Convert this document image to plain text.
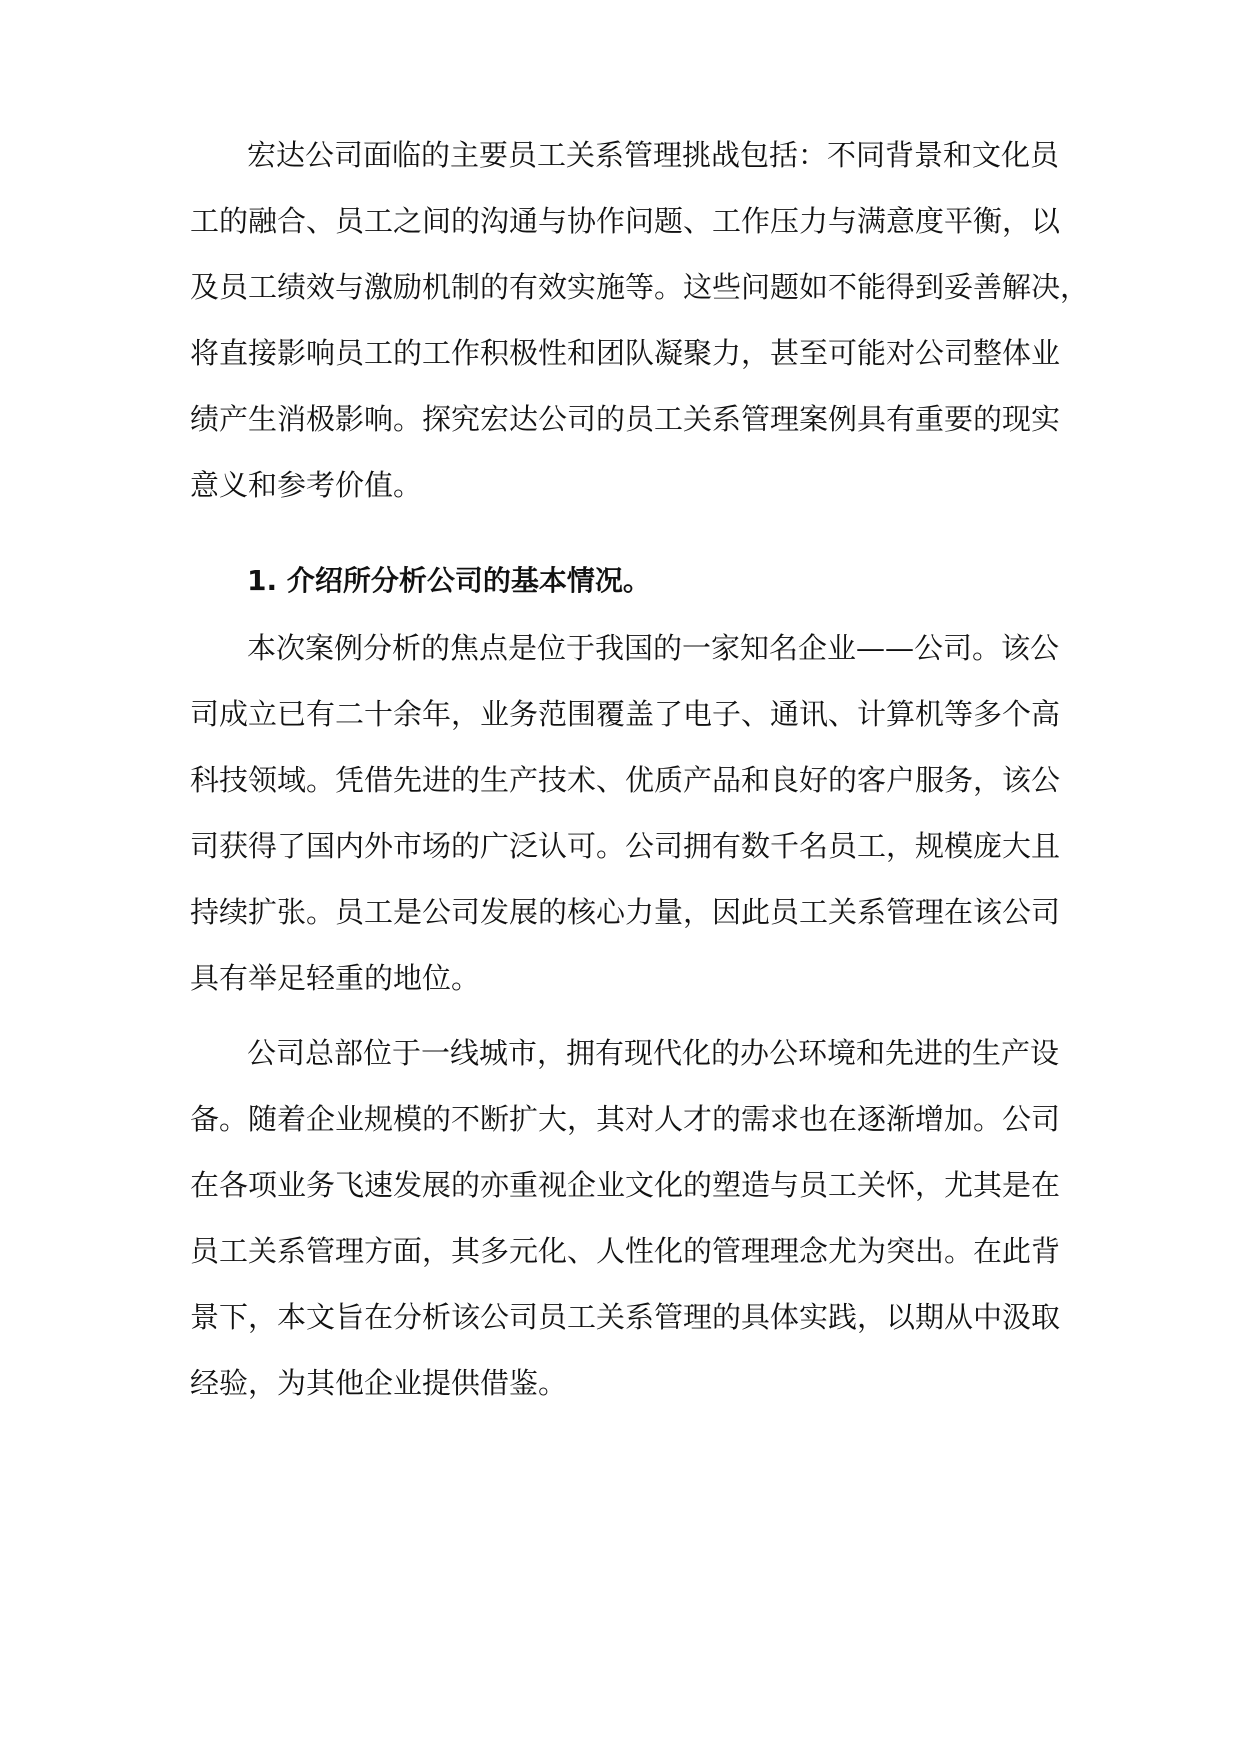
宏达公司面临的主要员工关系管理挑战包括：不同背景和文化员
工的融合、员工之间的沟通与协作问题、工作压力与满意度平衡，以
及员工绩效与激励机制的有效实施等。这些问题如不能得到妥善解决，
将直接影响员工的工作积极性和团队凝聚力，甚至可能对公司整体业
绩产生消极影响。探究宏达公司的员工关系管理案例具有重要的现实
意义和参考价值。
1. 介绍所分析公司的基本情况。
本次案例分析的焦点是位于我国的一家知名企业——公司。该公
司成立已有二十余年，业务范围覆盖了电子、通讯、计算机等多个高
科技领域。凭借先进的生产技术、优质产品和良好的客户服务，该公
司获得了国内外市场的广泛认可。公司拥有数千名员工，规模庞大且
持续扩张。员工是公司发展的核心力量，因此员工关系管理在该公司
具有举足轻重的地位。
公司总部位于一线城市，拥有现代化的办公环境和先进的生产设
备。随着企业规模的不断扩大，其对人才的需求也在逐渐增加。公司
在各项业务飞速发展的亦重视企业文化的塑造与员工关怀，尤其是在
员工关系管理方面，其多元化、人性化的管理理念尤为突出。在此背
景下，本文旨在分析该公司员工关系管理的具体实践，以期从中汲取
经验，为其他企业提供借鉴。
